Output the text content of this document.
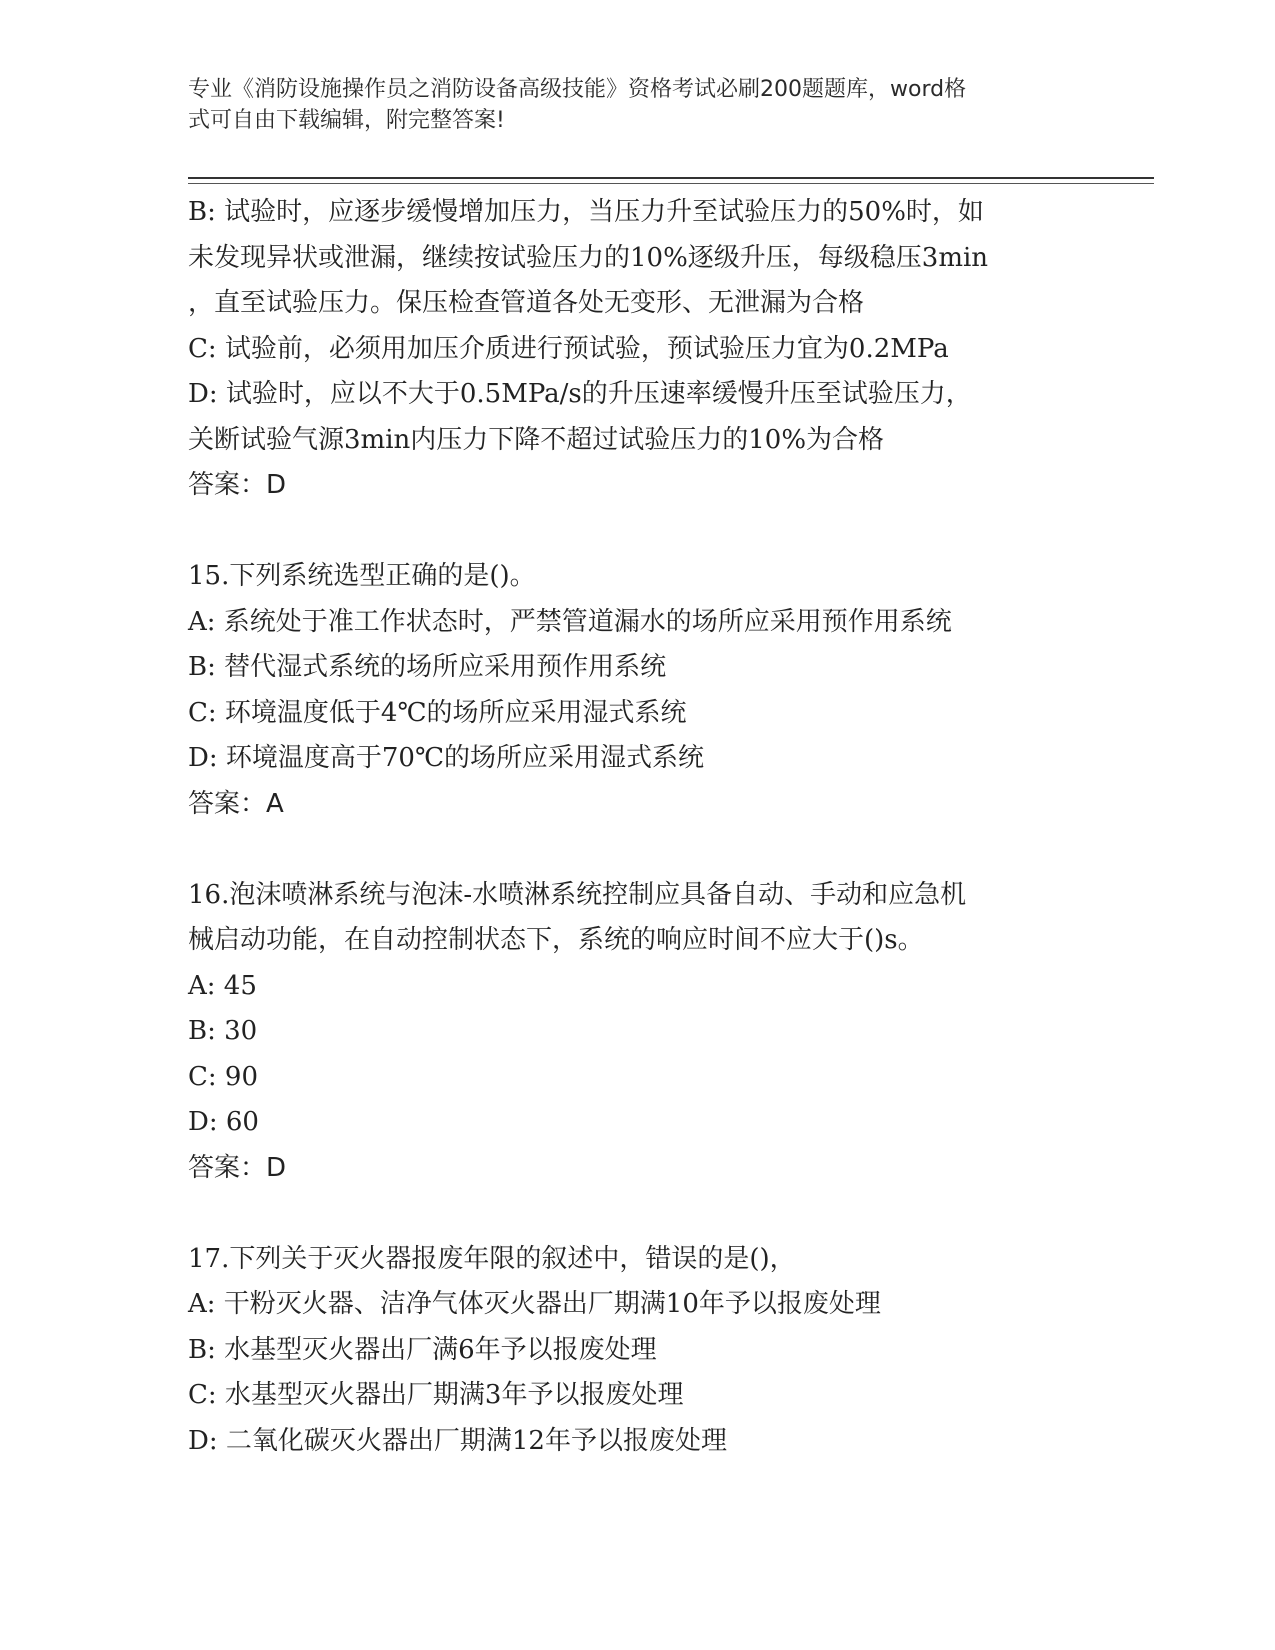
专业《消防设施操作员之消防设备高级技能》资格考试必刷200题题库，word格
式可自由下载编辑，附完整答案!
B: 试验时，应逐步缓慢增加压力，当压力升至试验压力的50%时，如
未发现异状或泄漏，继续按试验压力的10%逐级升压，每级稳压3min
，直至试验压力。保压检查管道各处无变形、无泄漏为合格
C: 试验前，必须用加压介质进行预试验，预试验压力宜为0.2MPa
D: 试验时，应以不大于0.5MPa/s的升压速率缓慢升压至试验压力，
关断试验气源3min内压力下降不超过试验压力的10%为合格
答案：D
15.下列系统选型正确的是()。
A: 系统处于准工作状态时，严禁管道漏水的场所应采用预作用系统
B: 替代湿式系统的场所应采用预作用系统
C: 环境温度低于4℃的场所应采用湿式系统
D: 环境温度高于70℃的场所应采用湿式系统
答案：A
16.泡沫喷淋系统与泡沫-水喷淋系统控制应具备自动、手动和应急机
械启动功能，在自动控制状态下，系统的响应时间不应大于()s。
A: 45
B: 30
C: 90
D: 60
答案：D
17.下列关于灭火器报废年限的叙述中，错误的是()，
A: 干粉灭火器、洁净气体灭火器出厂期满10年予以报废处理
B: 水基型灭火器出厂满6年予以报废处理
C: 水基型灭火器出厂期满3年予以报废处理
D: 二氧化碳灭火器出厂期满12年予以报废处理
